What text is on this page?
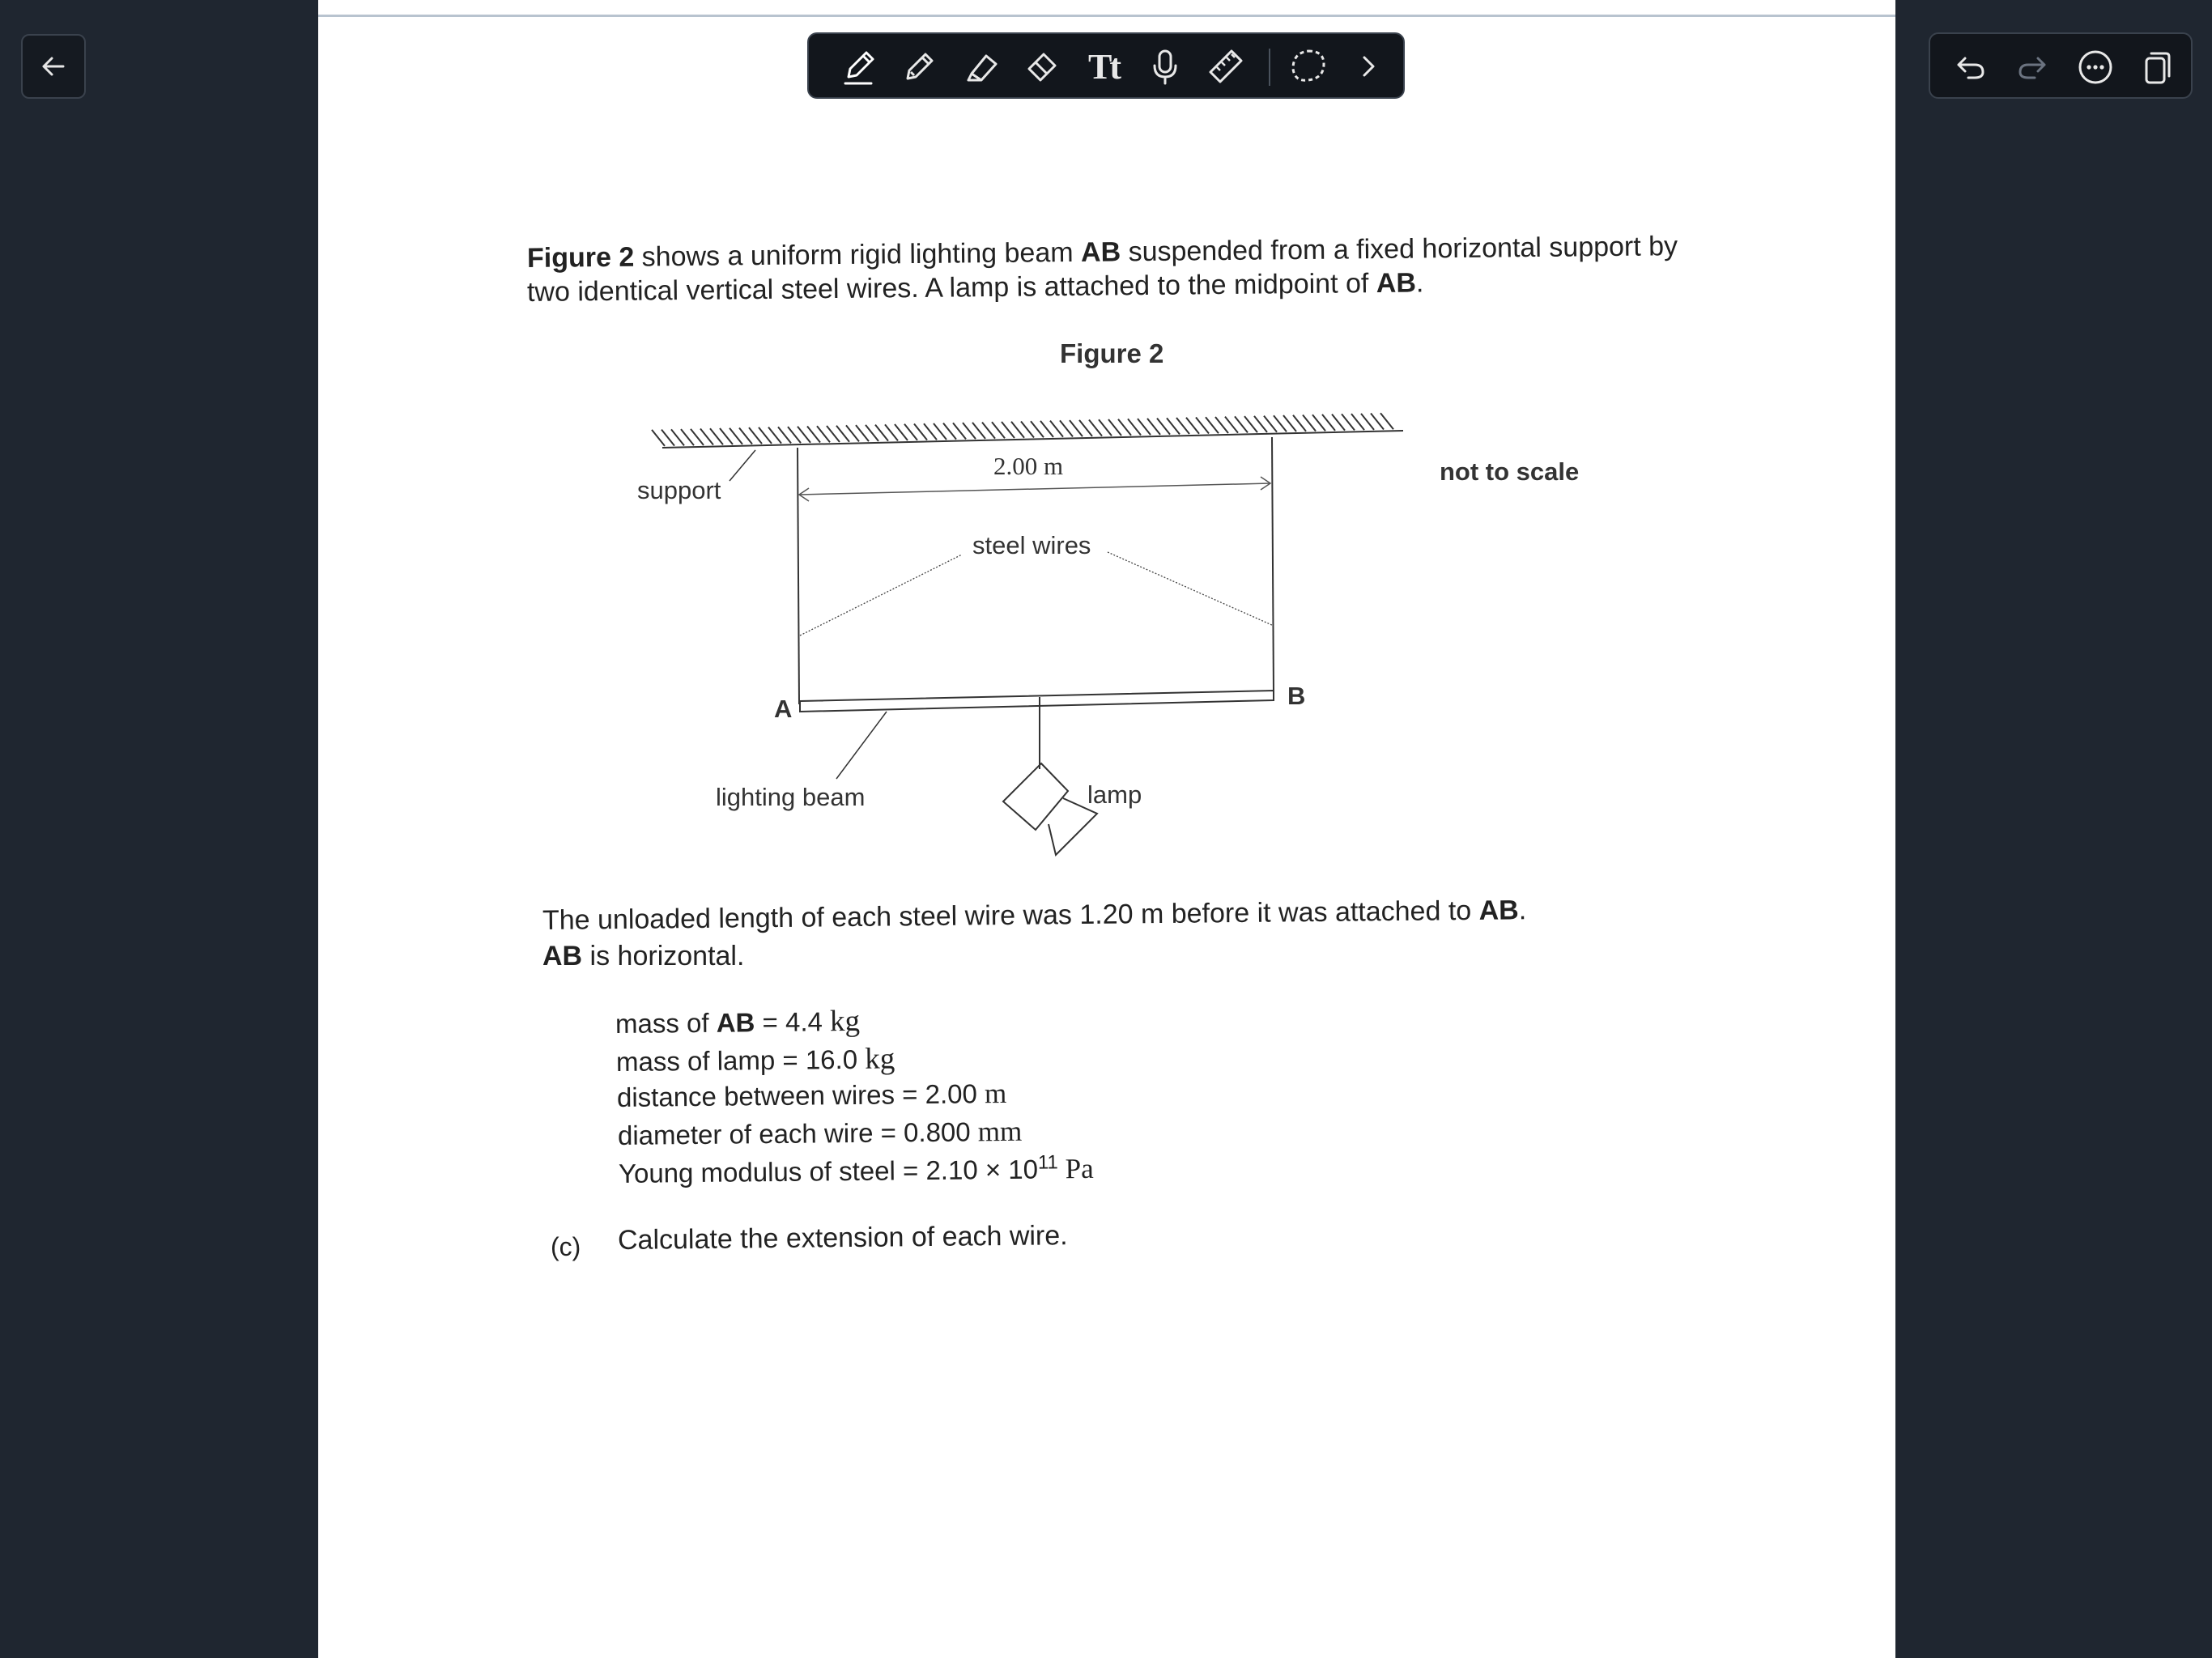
Figure 2 shows a uniform rigid lighting beam AB suspended from a fixed horizontal support by
two identical vertical steel wires. A lamp is attached to the midpoint of AB.
Figure 2
2.00 m
support
not to scale
steel wires
A	B
lighting beam	lamp
The unloaded length of each steel wire was 1.20 m before it was attached to AB.
AB is horizontal.
mass of AB = 4.4 kg
mass of lamp = 16.0 kg
distance between wires = 2.00 m
diameter of each wire = 0.800 mm
Young modulus of steel = $2.10 \times 10^{11}$ Pa
(c) Calculate the extension of each wire.
Tt
